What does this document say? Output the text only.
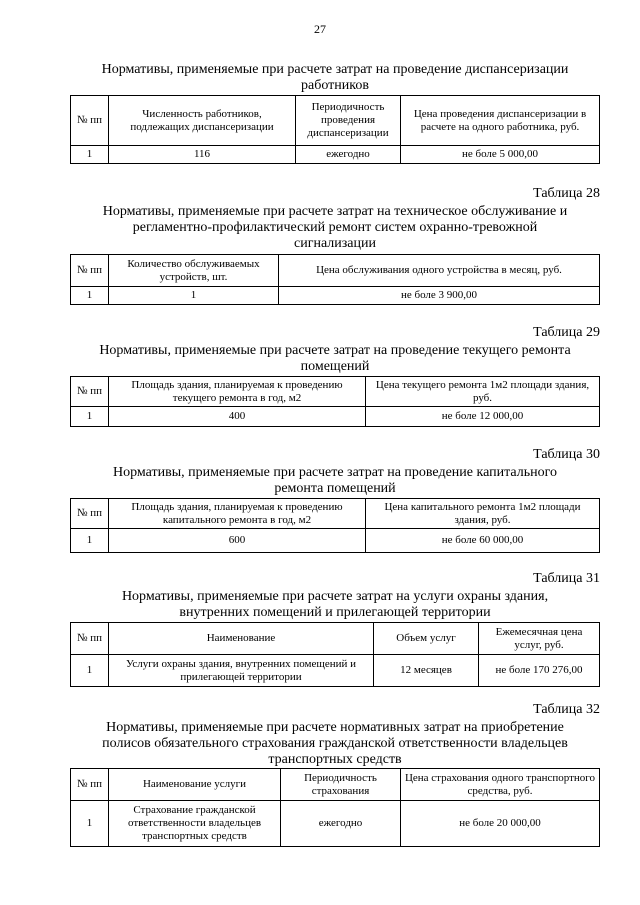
27

Нормативы, применяемые при расчете затрат на проведение диспансеризации

работников

№ пп	Численность работников, подлежащих диспансеризации	Периодичность проведения диспансеризации	Цена проведения диспансеризации в расчете на одного работника, руб.
1	116	ежегодно	не боле 5 000,00
Таблица 28

Нормативы, применяемые при расчете затрат на техническое обслуживание и

регламентно-профилактический ремонт систем охранно-тревожной

сигнализации

№ пп	Количество обслуживаемых устройств, шт.	Цена обслуживания одного устройства в месяц, руб.
1	1	не боле 3 900,00
Таблица 29

Нормативы, применяемые при расчете затрат на проведение текущего ремонта

помещений

№ пп	Площадь здания, планируемая к проведению текущего ремонта в год, м2	Цена текущего ремонта 1м2 площади здания, руб.
1	400	не боле 12 000,00
Таблица 30

Нормативы, применяемые при расчете затрат на проведение капитального

ремонта помещений

№ пп	Площадь здания, планируемая к проведению капитального ремонта в год, м2	Цена капитального ремонта 1м2 площади здания, руб.
1	600	не боле 60 000,00
Таблица 31

Нормативы, применяемые при расчете затрат на услуги охраны здания,

внутренних помещений и прилегающей территории

№ пп	Наименование	Объем услуг	Ежемесячная цена услуг, руб.
1	Услуги охраны здания, внутренних помещений и прилегающей территории	12 месяцев	не боле 170 276,00
Таблица 32

Нормативы, применяемые при расчете нормативных затрат на приобретение

полисов обязательного страхования гражданской ответственности владельцев

транспортных средств

№ пп	Наименование услуги	Периодичность страхования	Цена страхования одного транспортного средства, руб.
1	Страхование гражданской ответственности владельцев транспортных средств	ежегодно	не боле 20 000,00
